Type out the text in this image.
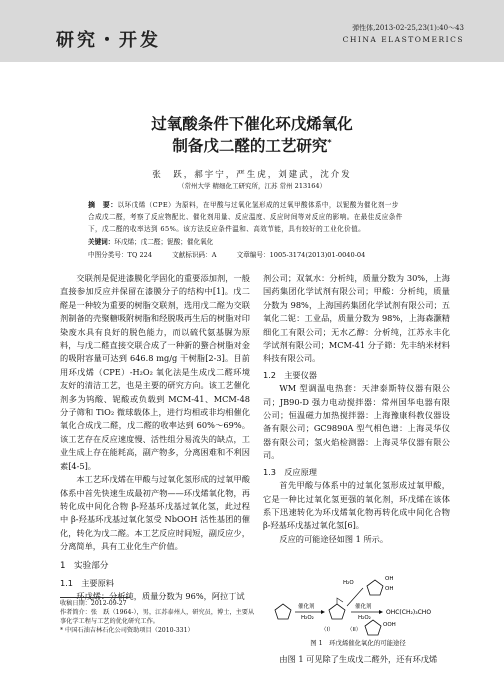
研究・开发
弹性体,2013-02-25,23(1):40～43
CHINA ELASTOMERICS
过氧酸条件下催化环戊烯氧化
制备戊二醛的工艺研究*
张　跃，郝宇宁，严生虎，刘建武，沈介发
（常州大学 精细化工研究所，江苏 常州 213164）
摘　要：以环戊烯（CPE）为原料，在甲酸与过氧化氢形成的过氧甲酸体系中，以铌酸为催化剂一步
合成戊二醛，考察了反应物配比、催化剂用量、反应温度、反应时间等对反应的影响。在最佳反应条件
下，戊二醛的收率达到 65%。该方法反应条件温和、高效节能，具有较好的工业化价值。
关键词：环戊烯；戊二醛；铌酸；催化氧化
中图分类号：TQ 224	文献标识码：A	文章编号：1005-3174(2013)01-0040-04

交联剂是促进漆膜化学固化的重要添加剂，一般直接参加反应并保留在漆膜分子的结构中[1]。戊二醛是一种较为重要的树脂交联剂，选用戊二醛为交联剂制备的壳聚糖吸附树脂和经脱吸再生后的树脂对印染废水具有良好的脱色能力，而以硫代氨基脲为原料，与戊二醛直接交联合成了一种新的螯合树脂对金的吸附容量可达到 646.8 mg/g 干树脂[2-3]。目前用环戊烯（CPE）-H₂O₂ 氧化法是生成戊二醛环境友好的清洁工艺，也是主要的研究方向。该工艺催化剂多为钨酸、铌酸或负载到 MCM-41、MCM-48 分子筛和 TiO₂ 微球载体上，进行均相或非均相催化氧化合成戊二醛，戊二醛的收率达到 60%～69%。该工艺存在反应速度慢、活性组分易流失的缺点，工业生成上存在能耗高，副产物多，分离困难和不利因素[4-5]。

本工艺环戊烯在甲酸与过氧化氢形成的过氧甲酸体系中首先快速生成最初产物——环戊烯氧化物，再转化成中间化合物 β-羟基环戊基过氧化氢，此过程中 β-羟基环戊基过氧化氢受 NbOOH 活性基团的催化，转化为戊二醛。本工艺反应时间短，副反应少，分离简单，具有工业化生产价值。

1　实验部分

1.1　主要原料

环戊烯：分析纯，质量分数为 96%，阿拉丁试

收稿日期：2012-09-27
作者简介：张　跃（1964-），男，江苏泰州人，研究员，博士，主要从事化学工程与工艺的优化研究工作。
* 中国石油吉林石化公司资助项目（2010-331）

剂公司；双氧水：分析纯，质量分数为 30%，上海国药集团化学试剂有限公司；甲酸：分析纯，质量分数为 98%，上海国药集团化学试剂有限公司；五氧化二铌：工业品，质量分数为 98%，上海森灏精细化工有限公司；无水乙醇：分析纯，江苏永丰化学试剂有限公司；MCM-41 分子筛：先丰纳米材料科技有限公司。

1.2　主要仪器

WM 型调温电热套：天津泰斯特仪器有限公司；JB90-D 强力电动搅拌器：常州国华电器有限公司；恒温磁力加热搅拌器：上海豫康科教仪器设备有限公司；GC9890A 型气相色谱：上海灵华仪器有限公司；氢火焰检测器：上海灵华仪器有限公司。

1.3　反应原理

首先甲酸与体系中的过氧化氢形成过氧甲酸，它是一种比过氧化氢更强的氧化剂，环戊烯在该体系下迅速转化为环戊烯氧化物再转化成中间化合物 β-羟基环戊基过氧化氢[6]。

反应的可能途径如图 1 所示。

催化剂
H₂O₂
H₂O
OH
OH
催化剂
H₂O₂
OHC(CH₂)₃CHO
（II）
OOH
（I）
图 1　环戊烯催化氧化的可能途径
由图 1 可见除了生成戊二醛外，还有环戊烯
